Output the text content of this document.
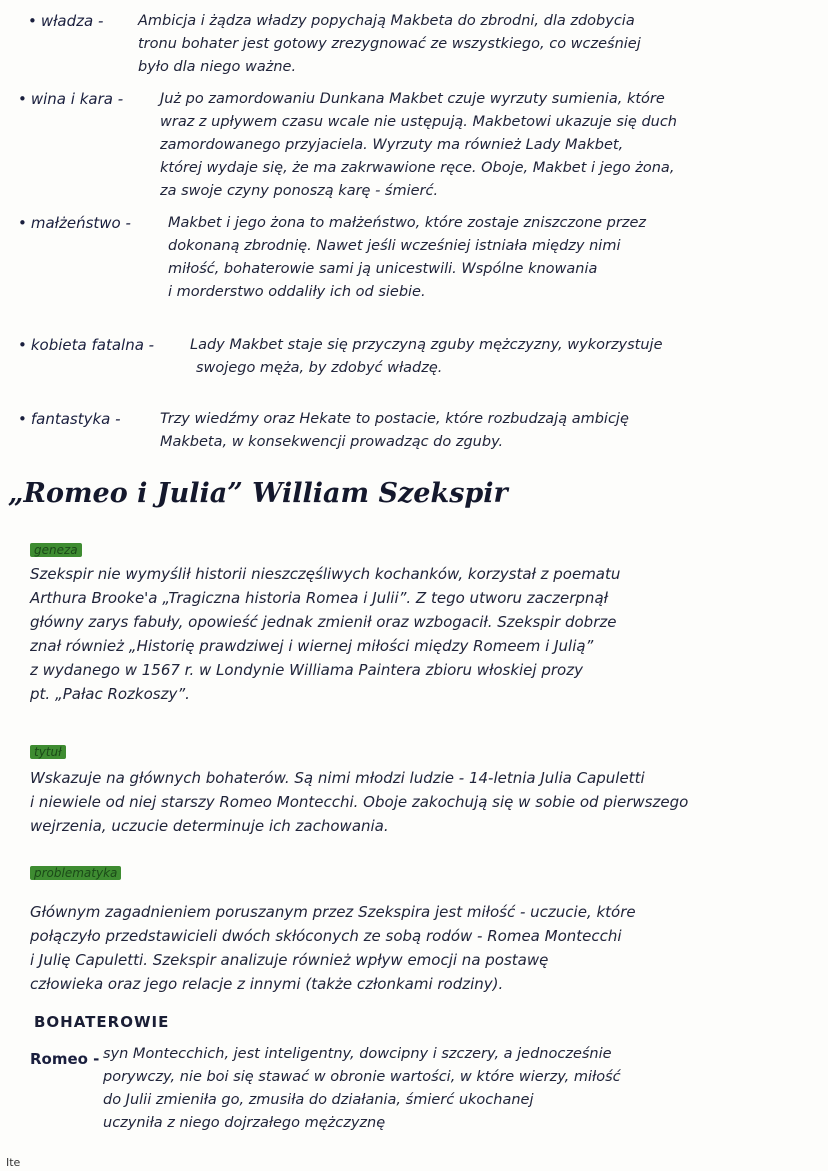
• władza - Ambicja i żądza władzy popychają Makbeta do zbrodni, dla zdobycia
tronu bohater jest gotowy zrezygnować ze wszystkiego, co wcześniej
było dla niego ważne.
• wina i kara -	Już po zamordowaniu Dunkana Makbet czuje wyrzuty sumienia, które
wraz z upływem czasu wcale nie ustępują. Makbetowi ukazuje się duch
zamordowanego przyjaciela. Wyrzuty ma również Lady Makbet,
której wydaje się, że ma zakrwawione ręce. Oboje, Makbet i jego żona,
za swoje czyny ponoszą karę - śmierć.
• małżeństwo -	Makbet i jego żona to małżeństwo, które zostaje zniszczone przez
dokonaną zbrodnię. Nawet jeśli wcześniej istniała między nimi
miłość, bohaterowie sami ją unicestwili. Wspólne knowania
i morderstwo oddaliły ich od siebie.
• kobieta fatalna - Lady Makbet staje się przyczyną zguby mężczyzny, wykorzystuje
swojego męża, by zdobyć władzę.
• fantastyka -	Trzy wiedźmy oraz Hekate to postacie, które rozbudzają ambicję
Makbeta, w konsekwencji prowadząc do zguby.
„Romeo i Julia” William Szekspir
geneza
Szekspir nie wymyślił historii nieszczęśliwych kochanków, korzystał z poematu
Arthura Brooke'a „Tragiczna historia Romea i Julii”. Z tego utworu zaczerpnął
główny zarys fabuły, opowieść jednak zmienił oraz wzbogacił. Szekspir dobrze
znał również „Historię prawdziwej i wiernej miłości między Romeem i Julią”
z wydanego w 1567 r. w Londynie Williama Paintera zbioru włoskiej prozy
pt. „Pałac Rozkoszy”.
tytuł
Wskazuje na głównych bohaterów. Są nimi młodzi ludzie - 14-letnia Julia Capuletti
i niewiele od niej starszy Romeo Montecchi. Oboje zakochują się w sobie od pierwszego
wejrzenia, uczucie determinuje ich zachowania.
problematyka
Głównym zagadnieniem poruszanym przez Szekspira jest miłość - uczucie, które
połączyło przedstawicieli dwóch skłóconych ze sobą rodów - Romea Montecchi
i Julię Capuletti. Szekspir analizuje również wpływ emocji na postawę
człowieka oraz jego relacje z innymi (także członkami rodziny).
BOHATEROWIE
Romeo - syn Montecchich, jest inteligentny, dowcipny i szczery, a jednocześnie
porywczy, nie boi się stawać w obronie wartości, w które wierzy, miłość
do Julii zmieniła go, zmusiła do działania, śmierć ukochanej
uczyniła z niego dojrzałego mężczyznę
Ite
